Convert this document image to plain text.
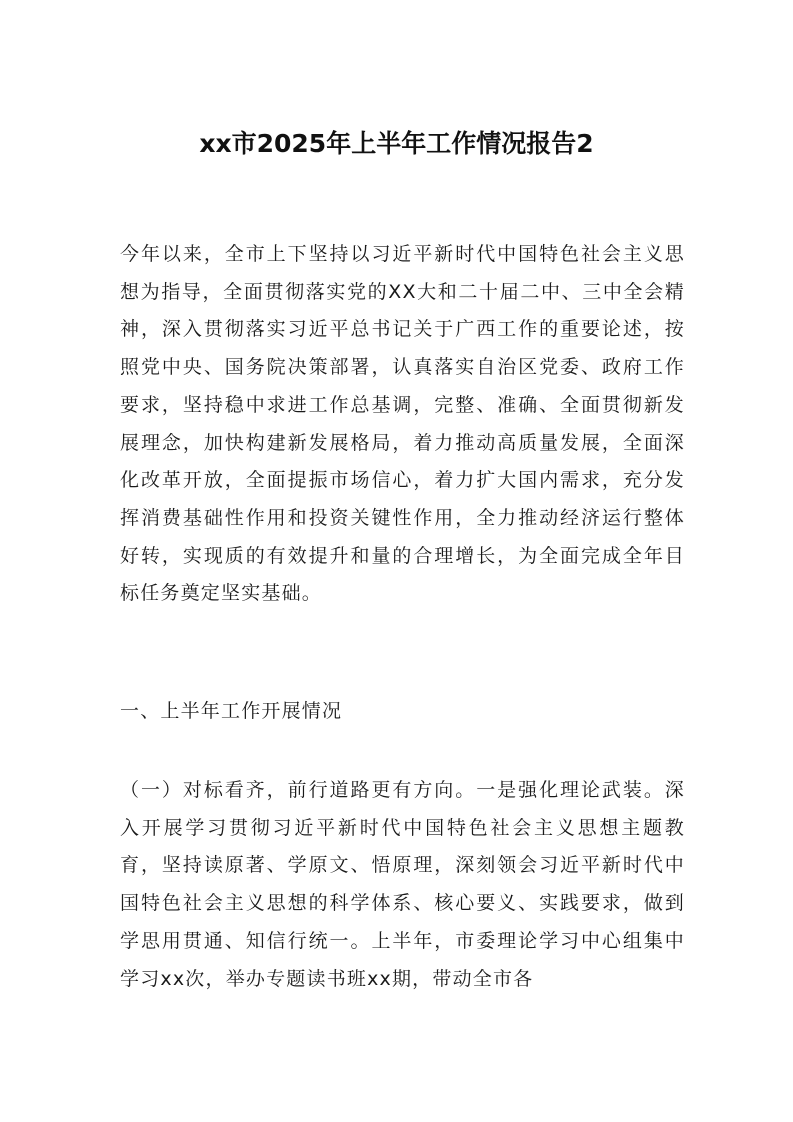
xx市2025年上半年工作情况报告2

今年以来，全市上下坚持以习近平新时代中国特色社会主义思想为指导，全面贯彻落实党的XX大和二十届二中、三中全会精神，深入贯彻落实习近平总书记关于广西工作的重要论述，按照党中央、国务院决策部署，认真落实自治区党委、政府工作要求，坚持稳中求进工作总基调，完整、准确、全面贯彻新发展理念，加快构建新发展格局，着力推动高质量发展，全面深化改革开放，全面提振市场信心，着力扩大国内需求，充分发挥消费基础性作用和投资关键性作用，全力推动经济运行整体好转，实现质的有效提升和量的合理增长，为全面完成全年目标任务奠定坚实基础。

一、上半年工作开展情况

（一）对标看齐，前行道路更有方向。一是强化理论武装。深入开展学习贯彻习近平新时代中国特色社会主义思想主题教育，坚持读原著、学原文、悟原理，深刻领会习近平新时代中国特色社会主义思想的科学体系、核心要义、实践要求，做到学思用贯通、知信行统一。上半年，市委理论学习中心组集中学习xx次，举办专题读书班xx期，带动全市各
